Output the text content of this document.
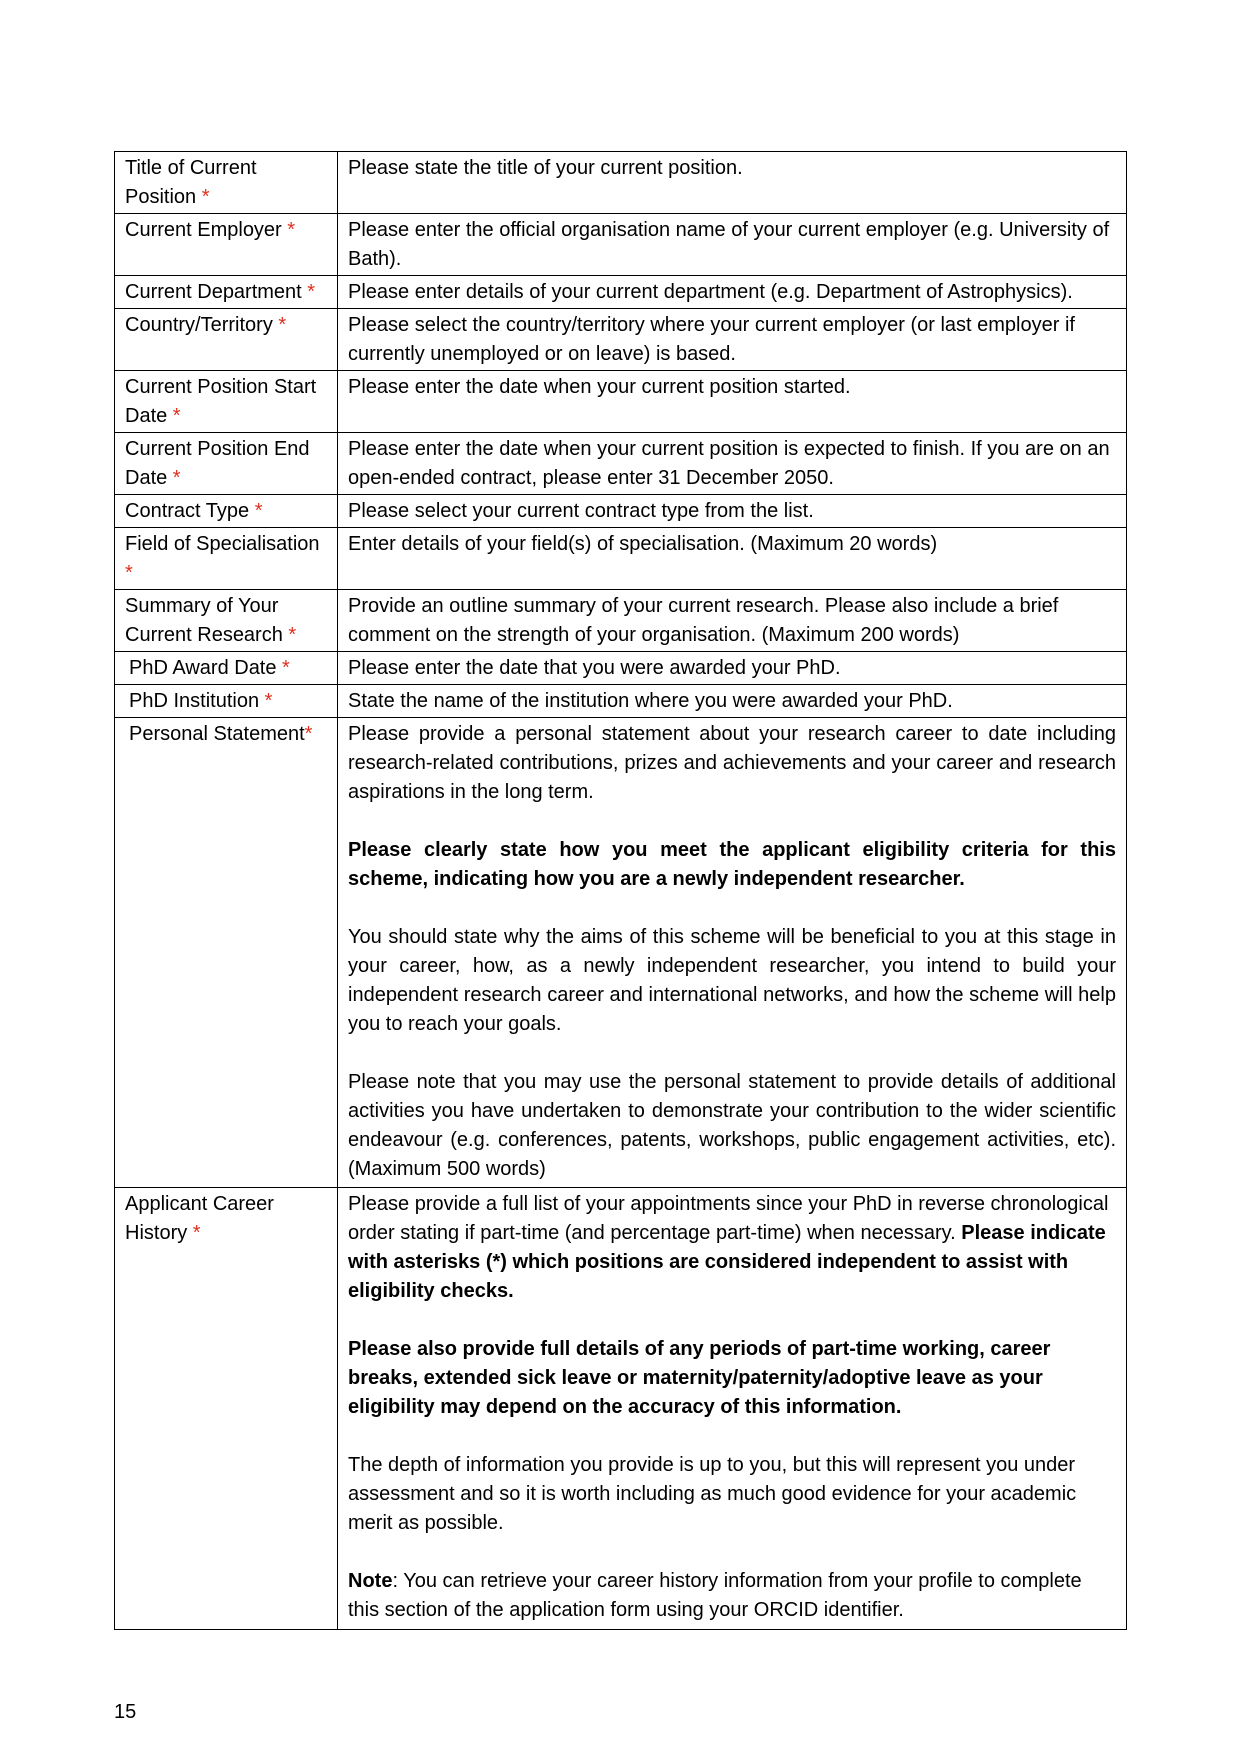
Title of Current Position *	Please state the title of your current position.
Current Employer *	Please enter the official organisation name of your current employer (e.g. University of Bath).
Current Department *	Please enter details of your current department (e.g. Department of Astrophysics).
Country/Territory *	Please select the country/territory where your current employer (or last employer if currently unemployed or on leave) is based.
Current Position Start Date *	Please enter the date when your current position started.
Current Position End Date *	Please enter the date when your current position is expected to finish. If you are on an open-ended contract, please enter 31 December 2050.
Contract Type *	Please select your current contract type from the list.
Field of Specialisation *	Enter details of your field(s) of specialisation. (Maximum 20 words)
Summary of Your Current Research *	Provide an outline summary of your current research. Please also include a brief comment on the strength of your organisation. (Maximum 200 words)
PhD Award Date *	Please enter the date that you were awarded your PhD.
PhD Institution *	State the name of the institution where you were awarded your PhD.
Personal Statement*	Please provide a personal statement about your research career to date including research-related contributions, prizes and achievements and your career and research aspirations in the long term.

Please clearly state how you meet the applicant eligibility criteria for this scheme, indicating how you are a newly independent researcher.

You should state why the aims of this scheme will be beneficial to you at this stage in your career, how, as a newly independent researcher, you intend to build your independent research career and international networks, and how the scheme will help you to reach your goals.

Please note that you may use the personal statement to provide details of additional activities you have undertaken to demonstrate your contribution to the wider scientific endeavour (e.g. conferences, patents, workshops, public engagement activities, etc). (Maximum 500 words)

Applicant Career History *	Please provide a full list of your appointments since your PhD in reverse chronological order stating if part-time (and percentage part-time) when necessary. Please indicate with asterisks (*) which positions are considered independent to assist with eligibility checks.

Please also provide full details of any periods of part-time working, career breaks, extended sick leave or maternity/paternity/adoptive leave as your eligibility may depend on the accuracy of this information.

The depth of information you provide is up to you, but this will represent you under assessment and so it is worth including as much good evidence for your academic merit as possible.

Note: You can retrieve your career history information from your profile to complete this section of the application form using your ORCID identifier.

15
